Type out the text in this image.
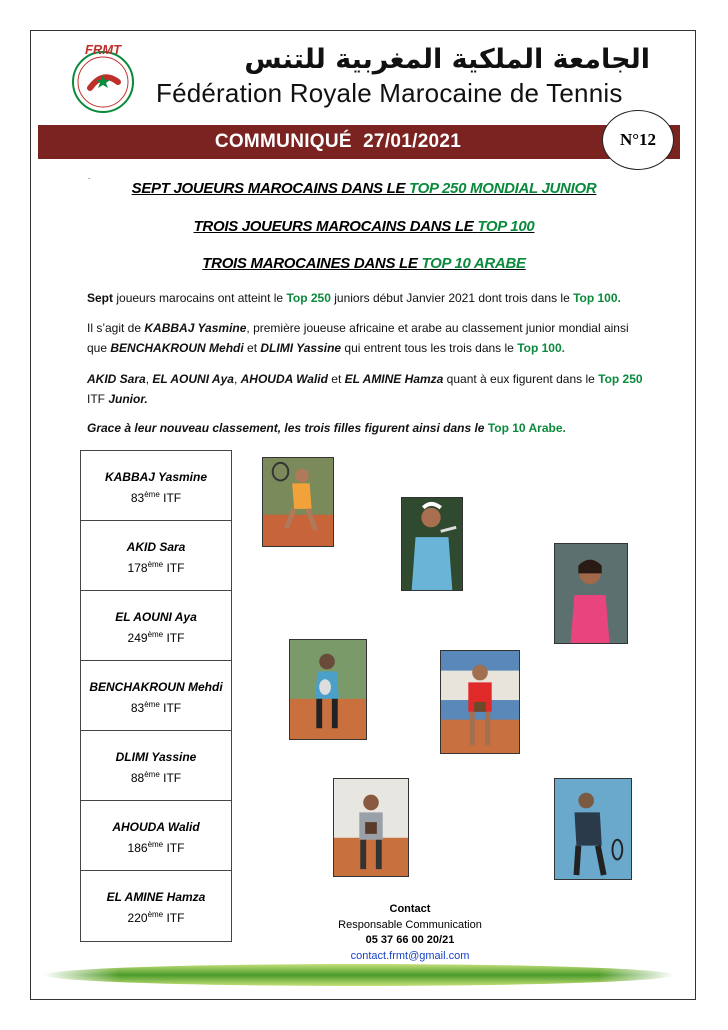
FRMT	الجامعة الملكية المغربية للتنس
Fédération Royale Marocaine de Tennis
COMMUNIQUÉ 27/01/2021	N°12
.
SEPT JOUEURS MAROCAINS DANS LE TOP 250 MONDIAL JUNIOR
TROIS JOUEURS MAROCAINS DANS LE TOP 100
TROIS MAROCAINES DANS LE TOP 10 ARABE
Sept joueurs marocains ont atteint le Top 250 juniors début Janvier 2021 dont trois dans le Top 100.
Il s’agit de KABBAJ Yasmine, première joueuse africaine et arabe au classement junior mondial ainsi que BENCHAKROUN Mehdi et DLIMI Yassine qui entrent tous les trois dans le Top 100.
AKID Sara, EL AOUNI Aya, AHOUDA Walid et EL AMINE Hamza quant à eux figurent dans le Top 250 ITF Junior.
Grace à leur nouveau classement, les trois filles figurent ainsi dans le Top 10 Arabe.
KABBAJ Yasmine
83ème ITF
AKID Sara
178ème ITF
EL AOUNI Aya
249ème ITF
BENCHAKROUN Mehdi
83ème ITF
DLIMI Yassine
88ème ITF
AHOUDA Walid
186ème ITF
EL AMINE Hamza
220ème ITF
Contact
Responsable Communication
05 37 66 00 20/21
contact.frmt@gmail.com
